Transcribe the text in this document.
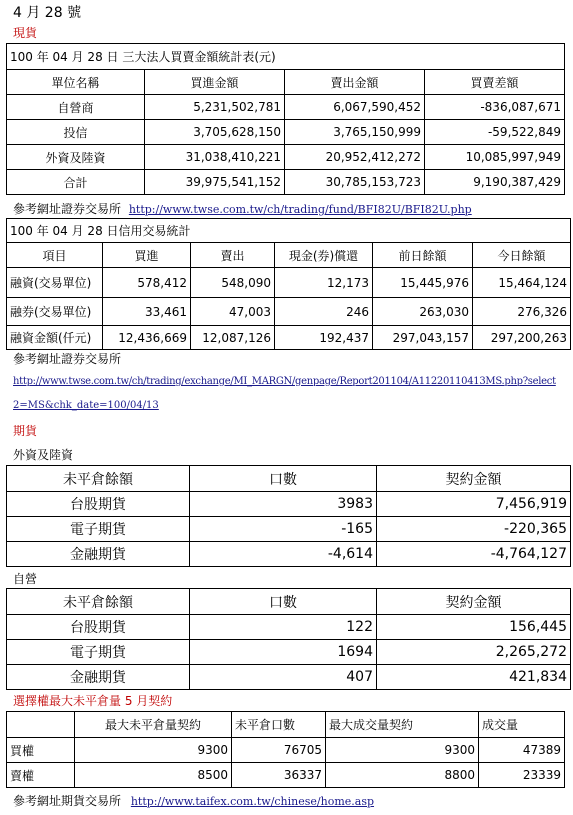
4 月 28 號
現貨
100 年 04 月 28 日 三大法人買賣金額統計表(元)			
單位名稱	買進金額	賣出金額	買賣差額
自營商	5,231,502,781	6,067,590,452	-836,087,671
投信	3,705,628,150	3,765,150,999	-59,522,849
外資及陸資	31,038,410,221	20,952,412,272	10,085,997,949
合計	39,975,541,152	30,785,153,723	9,190,387,429
參考網址證券交易所 http://www.twse.com.tw/ch/trading/fund/BFI82U/BFI82U.php
100 年 04 月 28 日信用交易統計					
項目	買進	賣出	現金(券)償還	前日餘額	今日餘額
融資(交易單位)	578,412	548,090	12,173	15,445,976	15,464,124
融券(交易單位)	33,461	47,003	246	263,030	276,326
融資金額(仟元)	12,436,669	12,087,126	192,437	297,043,157	297,200,263
參考網址證券交易所
http://www.twse.com.tw/ch/trading/exchange/MI_MARGN/genpage/Report201104/A11220110413MS.php?select
2=MS&chk_date=100/04/13
期貨
外資及陸資
未平倉餘額	口數	契約金額
台股期貨	3983	7,456,919
電子期貨	-165	-220,365
金融期貨	-4,614	-4,764,127
自營
未平倉餘額	口數	契約金額
台股期貨	122	156,445
電子期貨	1694	2,265,272
金融期貨	407	421,834
選擇權最大未平倉量 5 月契約
	最大未平倉量契約	未平倉口數	最大成交量契約	成交量
買權	9300	76705	9300	47389
賣權	8500	36337	8800	23339
參考網址期貨交易所 http://www.taifex.com.tw/chinese/home.asp
